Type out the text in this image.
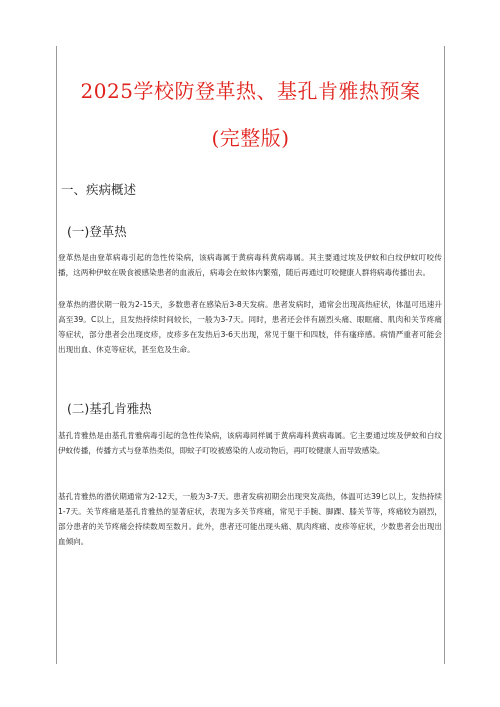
2025学校防登革热、基孔肯雅热预案
(完整版)
一、疾病概述
(一)登革热

登革热是由登革病毒引起的急性传染病，该病毒属于黄病毒科黄病毒属。其主要通过埃及伊蚊和白纹伊蚊叮咬传播，这两种伊蚊在吸食被感染患者的血液后，病毒会在蚊体内繁殖，随后再通过叮咬健康人群将病毒传播出去。

登革热的潜伏期一般为2-15天，多数患者在感染后3-8天发病。患者发病时，通常会出现高热症状，体温可迅速升高至39。C以上，且发热持续时间较长，一般为3-7天。同时，患者还会伴有剧烈头痛、眼眶痛、肌肉和关节疼痛等症状，部分患者会出现皮疹，皮疹多在发热后3-6天出现，常见于躯干和四肢，伴有瘙痒感。病情严重者可能会出现出血、休克等症状，甚至危及生命。

(二)基孔肯雅热

基孔肯雅热是由基孔肯雅病毒引起的急性传染病，该病毒同样属于黄病毒科黄病毒属。它主要通过埃及伊蚊和白纹伊蚊传播，传播方式与登革热类似，即蚊子叮咬被感染的人或动物后，再叮咬健康人而导致感染。

基孔肯雅热的潜伏期通常为2-12天，一般为3-7天。患者发病初期会出现突发高热，体温可达39匕以上，发热持续1-7天。关节疼痛是基孔肯雅热的显著症状，表现为多关节疼痛，常见于手腕、脚踝、膝关节等，疼痛较为剧烈，部分患者的关节疼痛会持续数周至数月。此外，患者还可能出现头痛、肌肉疼痛、皮疹等症状，少数患者会出现出血倾向。
